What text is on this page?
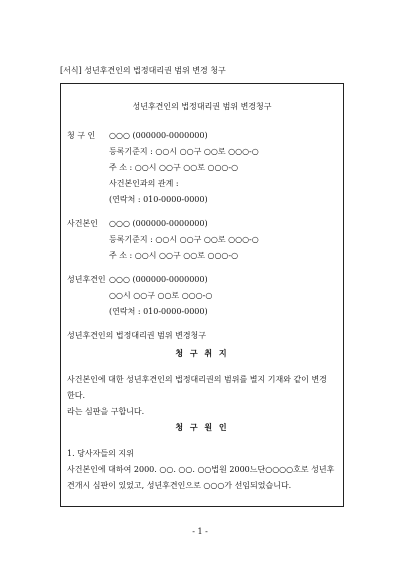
[서식] 성년후견인의 법정대리권 범위 변경 청구
성년후견인의 법정대리권 범위 변경청구
청 구 인 ○○○ (000000-0000000)
등록기준지 : ○○시 ○○구 ○○로 ○○○-○
주 소 : ○○시 ○○구 ○○로 ○○○-○
사건본인과의 관계 :
(연락처 : 010-0000-0000)
사건본인 ○○○ (000000-0000000)
등록기준지 : ○○시 ○○구 ○○로 ○○○-○
주 소 : ○○시 ○○구 ○○로 ○○○-○
성년후견인 ○○○ (000000-0000000)
○○시 ○○구 ○○로 ○○○-○
(연락처 : 010-0000-0000)
성년후견인의 법정대리권 범위 변경청구
청 구 취 지
사건본인에 대한 성년후견인의 법정대리권의 범위를 별지 기재와 같이 변경
한다.
라는 심판을 구합니다.
청 구 원 인
1. 당사자들의 지위
사건본인에 대하여 2000. ○○. ○○. ○○법원 2000느단○○○○호로 성년후
견개시 심판이 있었고, 성년후견인으로 ○○○가 선임되었습니다.
- 1 -
